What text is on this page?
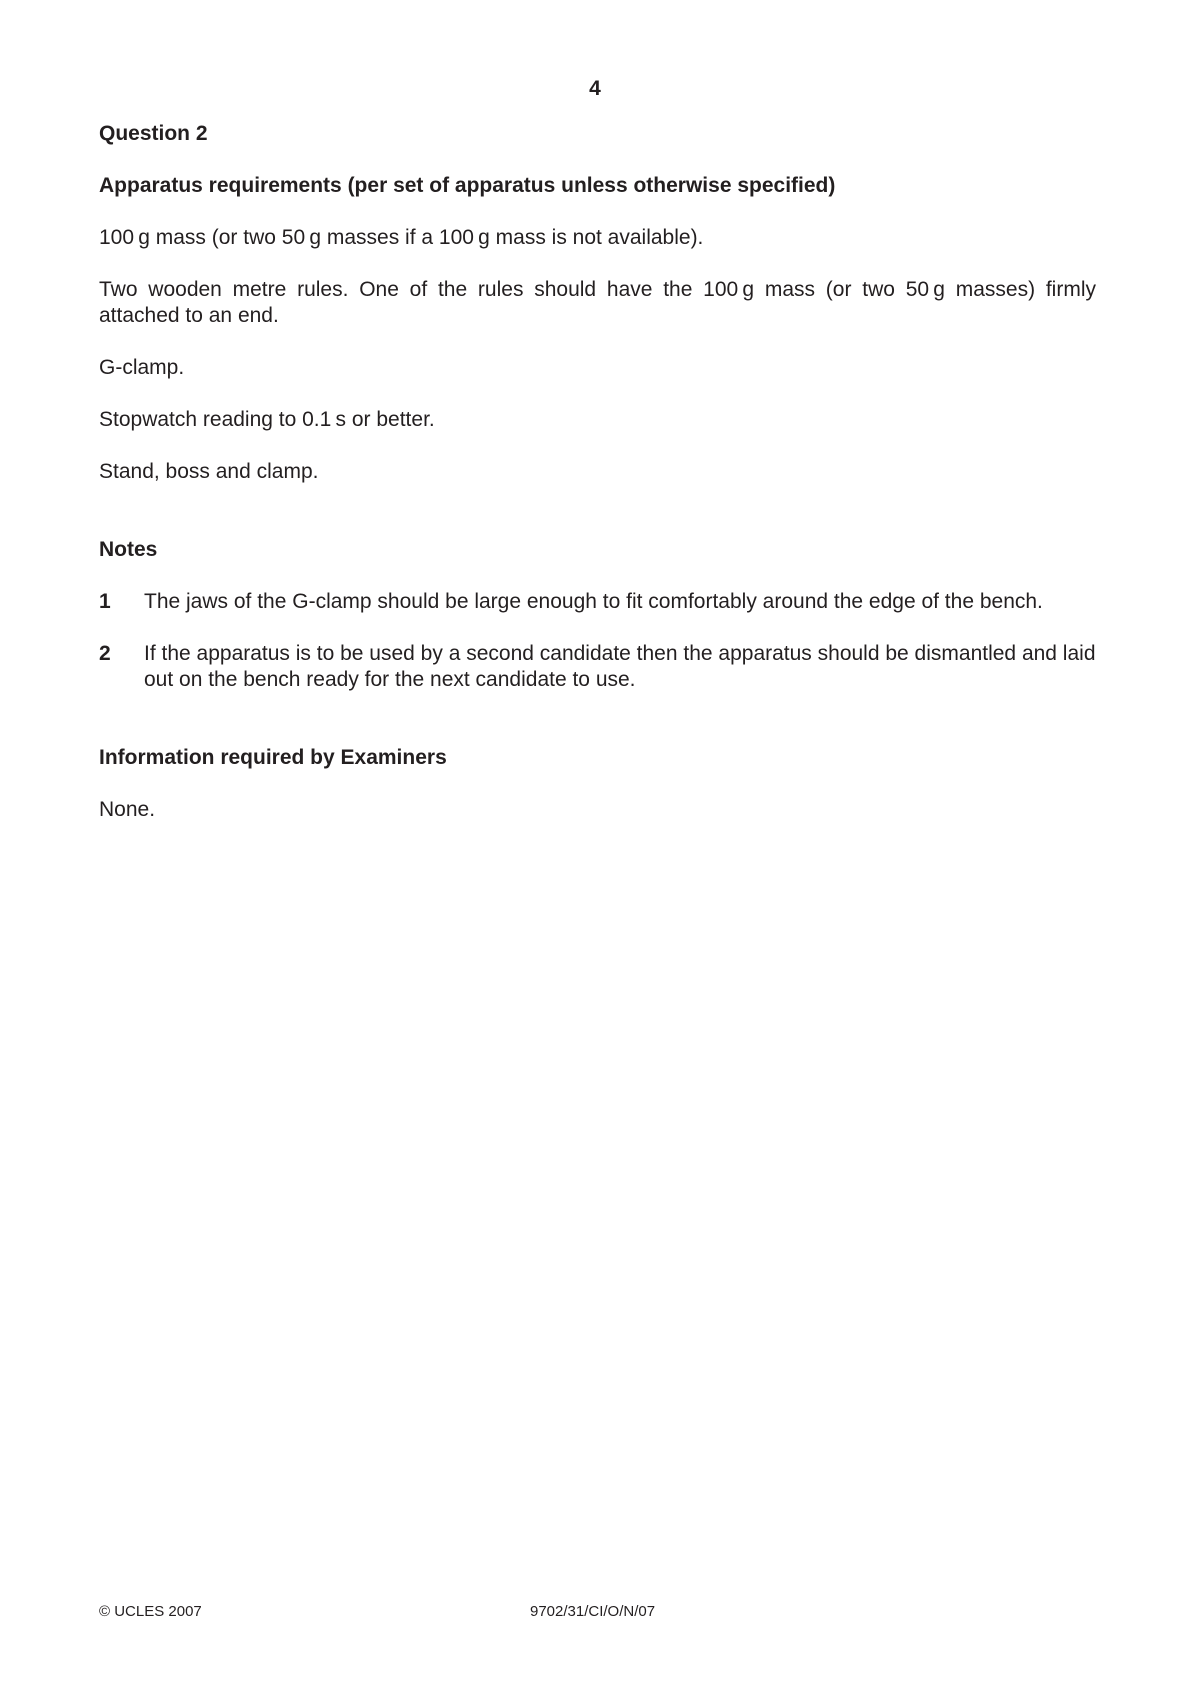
4
Question 2
Apparatus requirements (per set of apparatus unless otherwise specified)

100 g mass (or two 50 g masses if a 100 g mass is not available).

Two wooden metre rules. One of the rules should have the 100 g mass (or two 50 g masses) firmly attached to an end.

G-clamp.

Stopwatch reading to 0.1 s or better.

Stand, boss and clamp.

Notes
1	The jaws of the G-clamp should be large enough to fit comfortably around the edge of the bench.
2	If the apparatus is to be used by a second candidate then the apparatus should be dismantled and laid out on the bench ready for the next candidate to use.
Information required by Examiners

None.

© UCLES 2007	9702/31/CI/O/N/07
